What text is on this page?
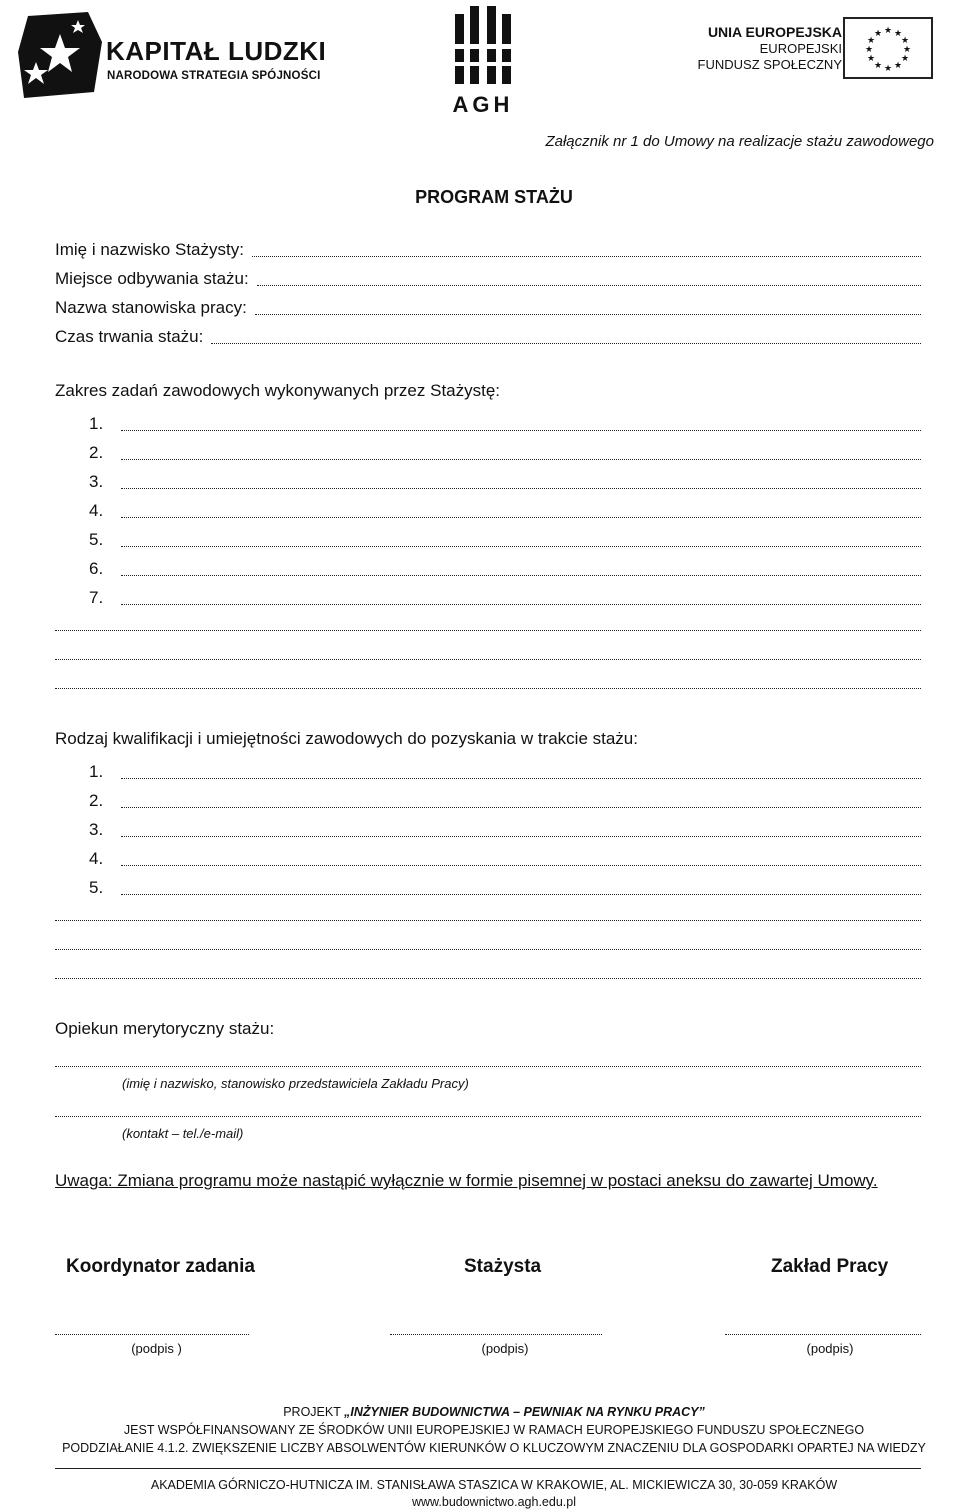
KAPITAŁ LUDZKI
NARODOWA STRATEGIA SPÓJNOŚCI
AGH
UNIA EUROPEJSKA
EUROPEJSKI
FUNDUSZ SPOŁECZNY
★ ★
★
★
★
★
★
★
★
★
★
★
Załącznik nr 1 do Umowy na realizacje stażu zawodowego
PROGRAM STAŻU
Imię i nazwisko Stażysty:
Miejsce odbywania stażu:
Nazwa stanowiska pracy:
Czas trwania stażu:
Zakres zadań zawodowych wykonywanych przez Stażystę:
1.
2.
3.
4.
5.
6.
7.
Rodzaj kwalifikacji i umiejętności zawodowych do pozyskania w trakcie stażu:
1.
2.
3.
4.
5.
Opiekun merytoryczny stażu:
(imię i nazwisko, stanowisko przedstawiciela Zakładu Pracy)
(kontakt – tel./e-mail)
Uwaga: Zmiana programu może nastąpić wyłącznie w formie pisemnej w postaci aneksu do zawartej Umowy.
Koordynator zadania	Stażysta	Zakład Pracy
(podpis )	(podpis)	(podpis)
PROJEKT „INŻYNIER BUDOWNICTWA – PEWNIAK NA RYNKU PRACY”
JEST WSPÓŁFINANSOWANY ZE ŚRODKÓW UNII EUROPEJSKIEJ W RAMACH EUROPEJSKIEGO FUNDUSZU SPOŁECZNEGO
PODDZIAŁANIE 4.1.2. ZWIĘKSZENIE LICZBY ABSOLWENTÓW KIERUNKÓW O KLUCZOWYM ZNACZENIU DLA GOSPODARKI OPARTEJ NA WIEDZY
AKADEMIA GÓRNICZO-HUTNICZA IM. STANISŁAWA STASZICA W KRAKOWIE, AL. MICKIEWICZA 30, 30-059 KRAKÓW
www.budownictwo.agh.edu.pl
